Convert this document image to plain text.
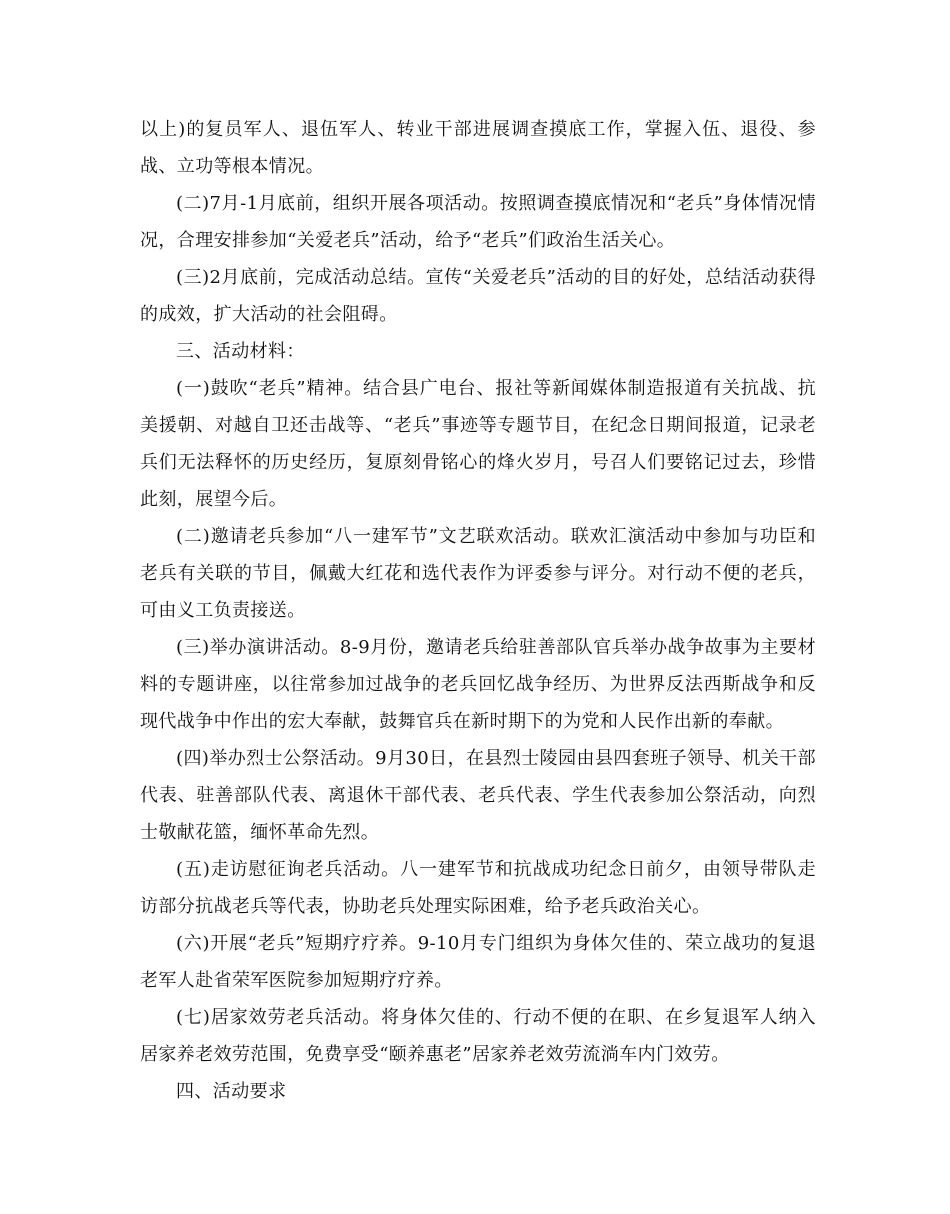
以上)的复员军人、退伍军人、转业干部进展调查摸底工作，掌握入伍、退役、参战、立功等根本情况。

(二)7月-1月底前，组织开展各项活动。按照调查摸底情况和“老兵”身体情况情况，合理安排参加“关爱老兵”活动，给予“老兵”们政治生活关心。

(三)2月底前，完成活动总结。宣传“关爱老兵”活动的目的好处，总结活动获得的成效，扩大活动的社会阻碍。

三、活动材料：

(一)鼓吹“老兵”精神。结合县广电台、报社等新闻媒体制造报道有关抗战、抗美援朝、对越自卫还击战等、“老兵”事迹等专题节目，在纪念日期间报道，记录老兵们无法释怀的历史经历，复原刻骨铭心的烽火岁月，号召人们要铭记过去，珍惜此刻，展望今后。

(二)邀请老兵参加“八一建军节”文艺联欢活动。联欢汇演活动中参加与功臣和老兵有关联的节目，佩戴大红花和选代表作为评委参与评分。对行动不便的老兵，可由义工负责接送。

(三)举办演讲活动。8-9月份，邀请老兵给驻善部队官兵举办战争故事为主要材料的专题讲座，以往常参加过战争的老兵回忆战争经历、为世界反法西斯战争和反现代战争中作出的宏大奉献，鼓舞官兵在新时期下的为党和人民作出新的奉献。

(四)举办烈士公祭活动。9月30日，在县烈士陵园由县四套班子领导、机关干部代表、驻善部队代表、离退休干部代表、老兵代表、学生代表参加公祭活动，向烈士敬献花篮，缅怀革命先烈。

(五)走访慰征询老兵活动。八一建军节和抗战成功纪念日前夕，由领导带队走访部分抗战老兵等代表，协助老兵处理实际困难，给予老兵政治关心。

(六)开展“老兵”短期疗疗养。9-10月专门组织为身体欠佳的、荣立战功的复退老军人赴省荣军医院参加短期疗疗养。

(七)居家效劳老兵活动。将身体欠佳的、行动不便的在职、在乡复退军人纳入居家养老效劳范围，免费享受“颐养惠老”居家养老效劳流淌车内门效劳。

四、活动要求
